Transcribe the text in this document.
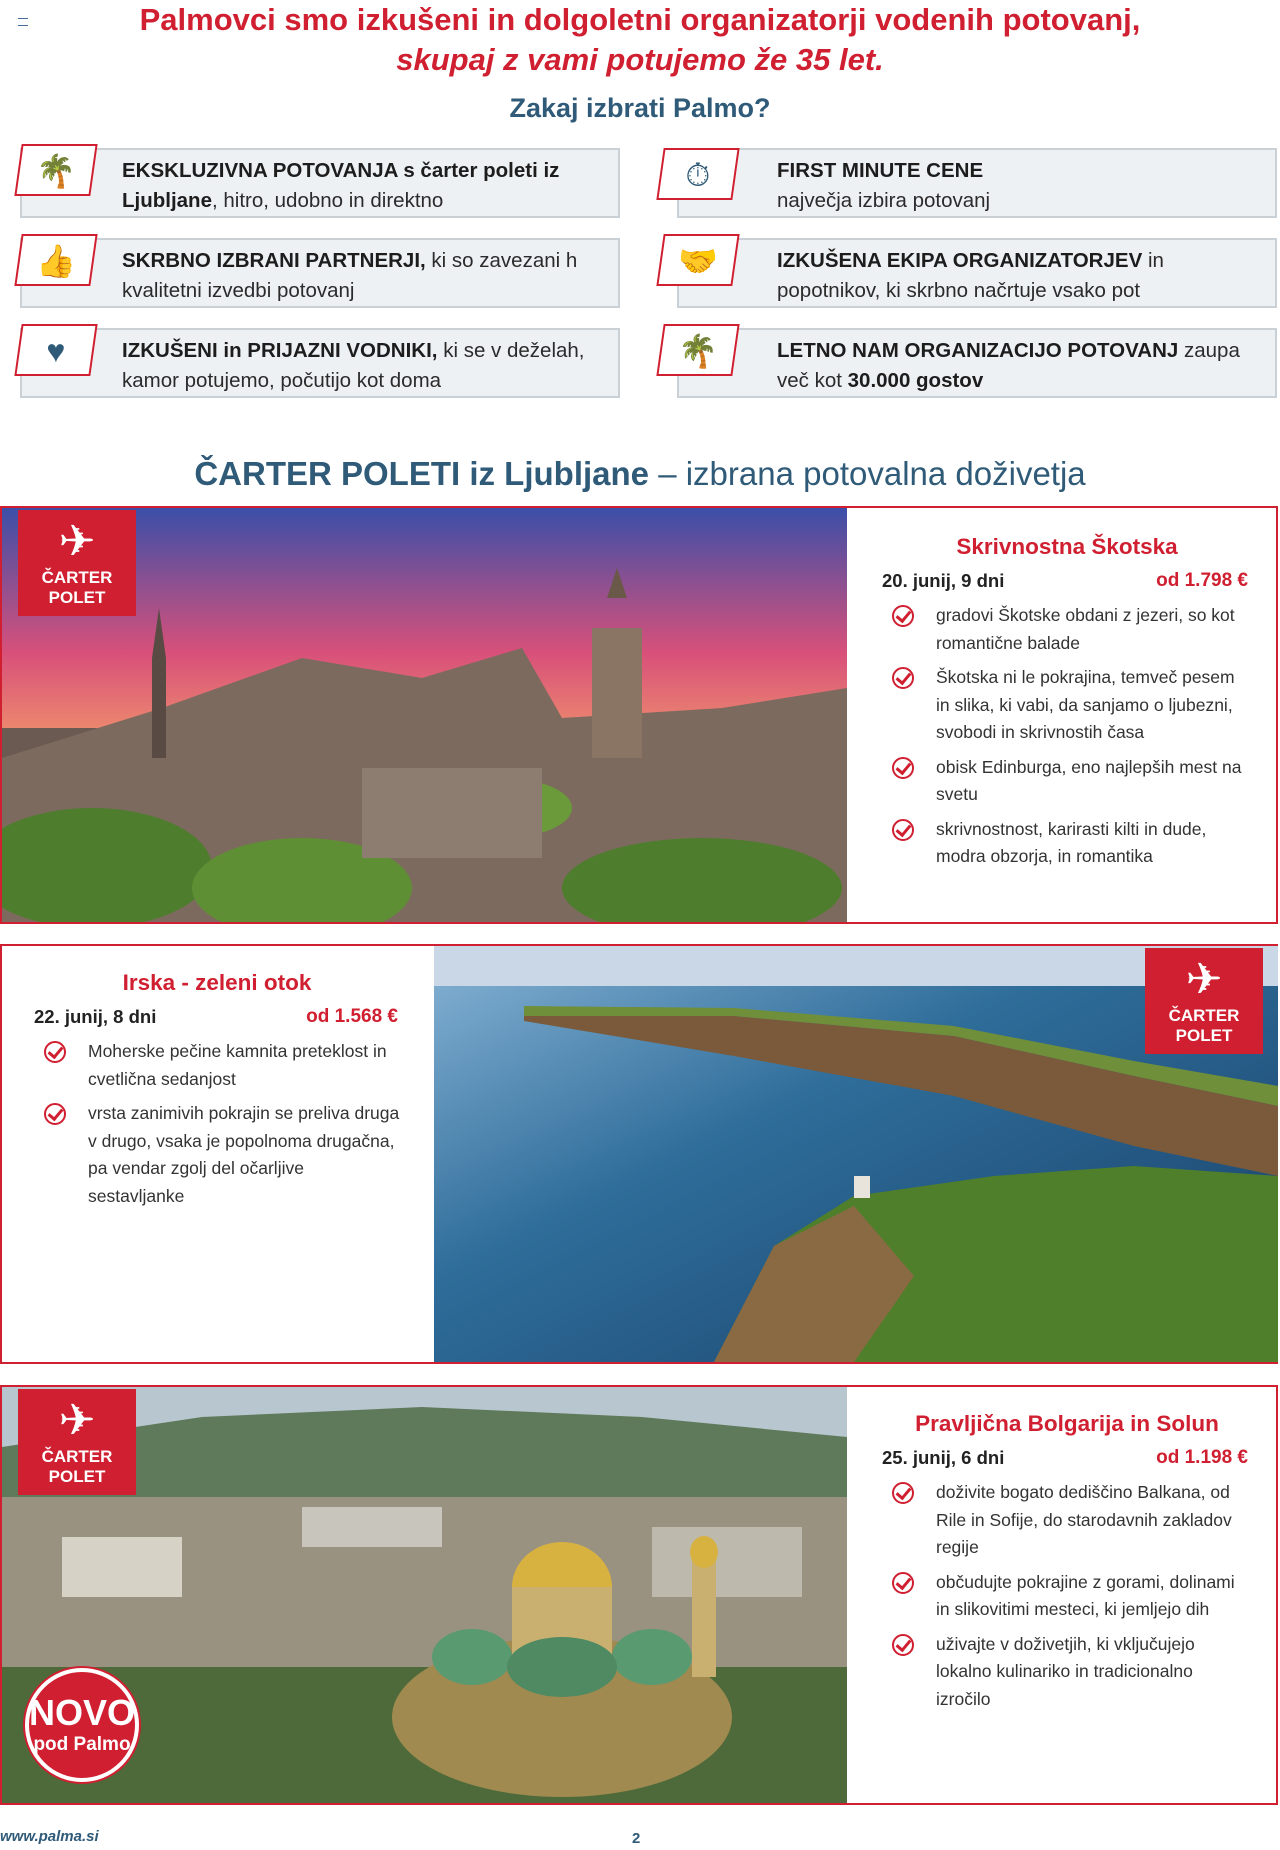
Palmovci smo izkušeni in dolgoletni organizatorji vodenih potovanj,
skupaj z vami potujemo že 35 let.
Zakaj izbrati Palmo?
EKSKLUZIVNA POTOVANJA s čarter poleti iz Ljubljane, hitro, udobno in direktno
🌴	FIRST MINUTE CENE
največja izbira potovanj
⏱
SKRBNO IZBRANI PARTNERJI, ki so zavezani h kvalitetni izvedbi potovanj
👍	IZKUŠENA EKIPA ORGANIZATORJEV in popotnikov, ki skrbno načrtuje vsako pot
🤝
IZKUŠENI in PRIJAZNI VODNIKI, ki se v deželah, kamor potujemo, počutijo kot doma
♥	LETNO NAM ORGANIZACIJO POTOVANJ zaupa več kot 30.000 gostov
🌴
ČARTER POLETI iz Ljubljane – izbrana potovalna doživetja
✈
ČARTER
POLET
Skrivnostna Škotska
20. junij, 9 dni	od 1.798 €
gradovi Škotske obdani z jezeri, so kot romantične balade
Škotska ni le pokrajina, temveč pesem in slika, ki vabi, da sanjamo o ljubezni, svobodi in skrivnostih časa
obisk Edinburga, eno najlepših mest na svetu
skrivnostnost, karirasti kilti in dude, modra obzorja, in romantika
✈
ČARTER
POLET
Irska - zeleni otok
22. junij, 8 dni	od 1.568 €
Moherske pečine kamnita preteklost in cvetlična sedanjost
vrsta zanimivih pokrajin se preliva druga v drugo, vsaka je popolnoma drugačna, pa vendar zgolj del očarljive sestavljanke
✈
ČARTER
POLET
Pravljična Bolgarija in Solun
25. junij, 6 dni	od 1.198 €
doživite bogato dediščino Balkana, od Rile in Sofije, do starodavnih zakladov regije
občudujte pokrajine z gorami, dolinami in slikovitimi mesteci, ki jemljejo dih
uživajte v doživetjih, ki vključujejo lokalno kulinariko in tradicionalno izročilo
NOVO
pod Palmo
www.palma.si	2
